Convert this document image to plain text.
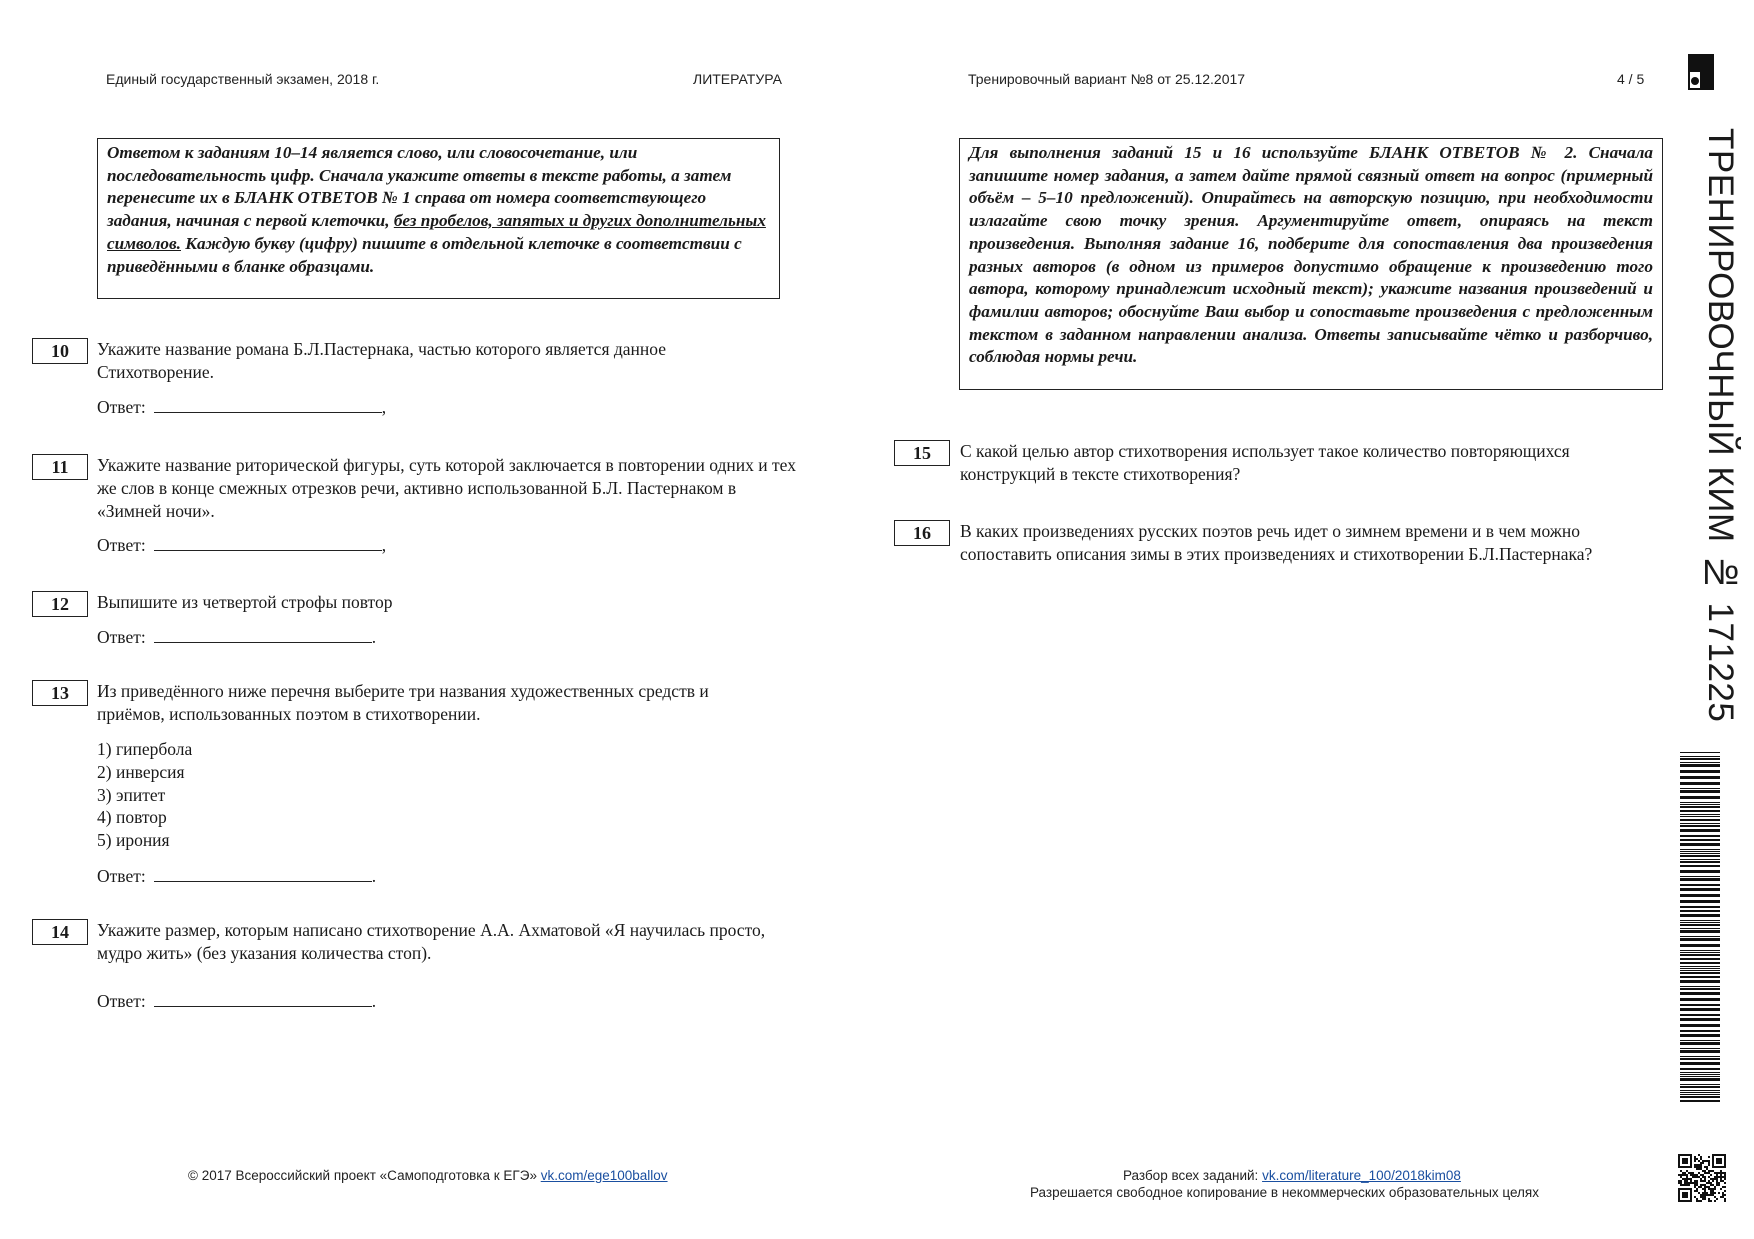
Единый государственный экзамен, 2018 г.	ЛИТЕРАТУРА	Тренировочный вариант №8 от 25.12.2017	4 / 5
Ответом к заданиям 10–14 является слово, или словосочетание, или последовательность цифр. Сначала укажите ответы в тексте работы, а затем перенесите их в БЛАНК ОТВЕТОВ № 1 справа от номера соответствующего задания, начиная с первой клеточки, без пробелов, запятых и других дополнительных символов. Каждую букву (цифру) пишите в отдельной клеточке в соответствии с приведёнными в бланке образцами.
Для выполнения заданий 15 и 16 используйте БЛАНК ОТВЕТОВ № 2. Сначала запишите номер задания, а затем дайте прямой связный ответ на вопрос (примерный объём – 5–10 предложений). Опирайтесь на авторскую позицию, при необходимости излагайте свою точку зрения. Аргументируйте ответ, опираясь на текст произведения. Выполняя задание 16, подберите для сопоставления два произведения разных авторов (в одном из примеров допустимо обращение к произведению того автора, которому принадлежит исходный текст); укажите названия произведений и фамилии авторов; обоснуйте Ваш выбор и сопоставьте произведения с предложенным текстом в заданном направлении анализа. Ответы записывайте чётко и разборчиво, соблюдая нормы речи.
10	Укажите название романа Б.Л.Пастернака, частью которого является данное Стихотворение.
Ответ:	,
11	Укажите название риторической фигуры, суть которой заключается в повторении одних и тех же слов в конце смежных отрезков речи, активно использованной Б.Л. Пастернаком в «Зимней ночи».
Ответ:	,
12	Выпишите из четвертой строфы повтор
Ответ:	.
13	Из приведённого ниже перечня выберите три названия художественных средств и приёмов, использованных поэтом в стихотворении.
1) гипербола
2) инверсия
3) эпитет
4) повтор
5) ирония
Ответ:	.
14	Укажите размер, которым написано стихотворение А.А. Ахматовой «Я научилась просто, мудро жить» (без указания количества стоп).
Ответ:	.
15	С какой целью автор стихотворения использует такое количество повторяющихся конструкций в тексте стихотворения?
16	В каких произведениях русских поэтов речь идет о зимнем времени и в чем можно сопоставить описания зимы в этих произведениях и стихотворении Б.Л.Пастернака?	ТРЕНИРОВОЧНЫЙ КИМ № 171225
© 2017 Всероссийский проект «Самоподготовка к ЕГЭ» vk.com/ege100ballov	Разбор всех заданий: vk.com/literature_100/2018kim08
Разрешается свободное копирование в некоммерческих образовательных целях
